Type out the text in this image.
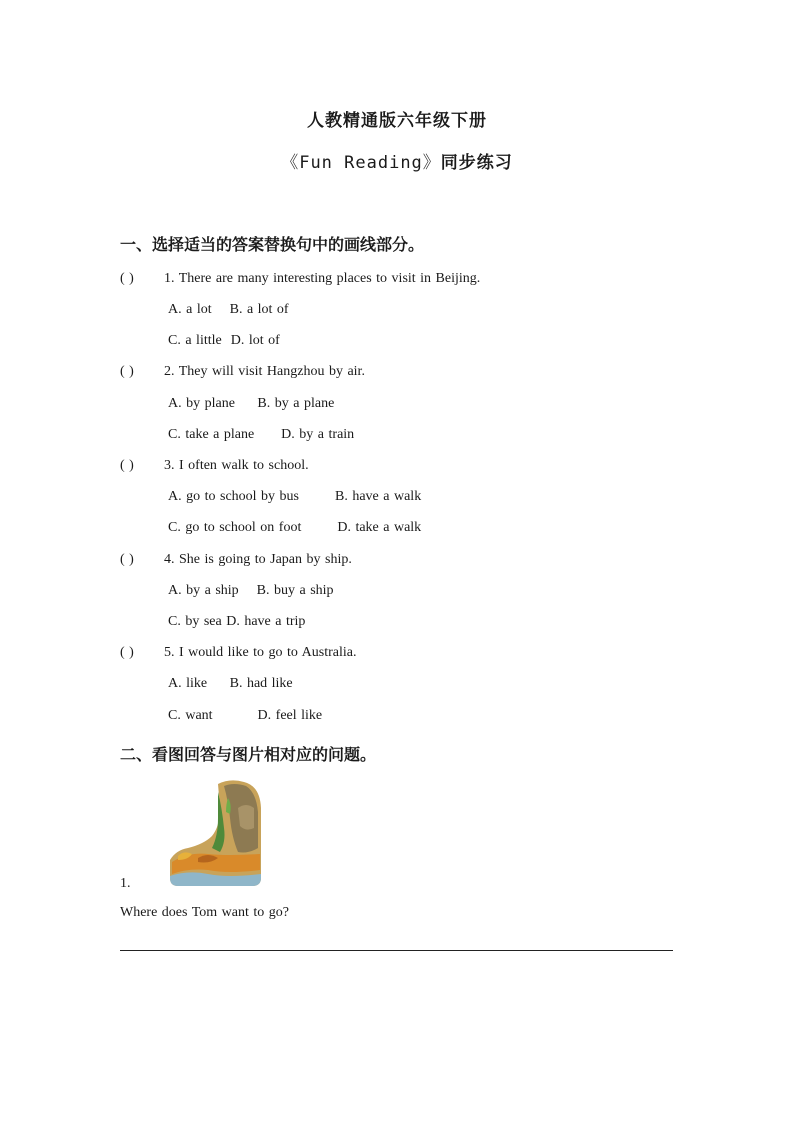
人教精通版六年级下册
《Fun Reading》同步练习
一、选择适当的答案替换句中的画线部分。
( ) 1. There are many interesting places to visit in Beijing.
A. a lot    B. a lot of
C. a little  D. lot of
( ) 2. They will visit Hangzhou by air.
A. by plane     B. by a plane
C. take a plane      D. by a train
( ) 3. I often walk to school.
A. go to school by bus        B. have a walk
C. go to school on foot        D. take a walk
( ) 4. She is going to Japan by ship.
A. by a ship    B. buy a ship
C. by sea D. have a trip
( ) 5. I would like to go to Australia.
A. like     B. had like
C. want          D. feel like
二、看图回答与图片相对应的问题。
1.
Where does Tom want to go?
